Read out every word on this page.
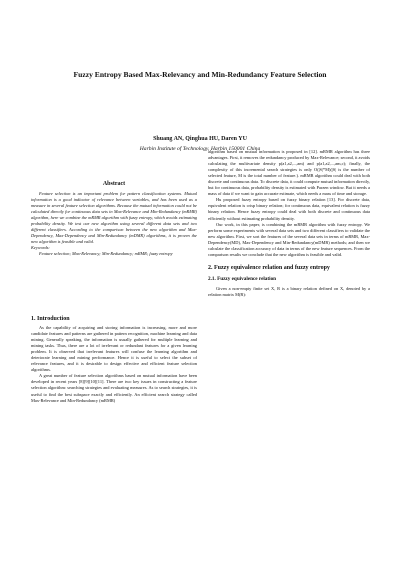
Fuzzy Entropy Based Max-Relevancy and Min-Redundancy Feature Selection
Shuang AN, Qinghua HU, Daren YU
Harbin Institute of Technology, Harbin 150001 China
Abstract

Feature selection is an important problem for pattern classification systems. Mutual information is a good indicator of relevance between variables, and has been used as a measure in several feature selection algorithms. Because the mutual information could not be calculated directly for continuous data sets in Max-Relevance and Min-Redundancy (mRMR) algorithm, here we combine the mRMR algorithm with fuzzy entropy, which avoids estimating probability density. We test our new algorithm using several different data sets and two different classifiers. According to the comparison between the new algorithm and Max-Dependency, Max-Dependency and Min-Redundancy (mDMR) algorithms, it is proven the new algorithm is feasible and valid.

Keywords:

Feature selection; Max-Relevancy; Min-Redundancy; mRMR; fuzzy entropy

1. Introduction

As the capability of acquiring and storing information is increasing, more and more candidate features and patterns are gathered in pattern recognition, machine learning and data mining. Generally speaking, the information is usually gathered for multiple learning and mining tasks. Thus, there are a lot of irrelevant or redundant features for a given learning problem. It is observed that irrelevant features will confuse the learning algorithm and deteriorate learning and mining performance. Hence it is useful to select the subset of relevance features, and it is desirable to design effective and efficient feature selection algorithms.

A great number of feature selection algorithms based on mutual information have been developed in recent years [8][9][10][11]. There are two key issues in constructing a feature selection algorithm: searching strategies and evaluating measures. As to search strategies, it is useful to find the best subspace exactly and efficiently. An efficient search strategy called Max-Relevance and Min-Redundancy (mRMR)

algorithm based on mutual information is proposed in [12]. mRMR algorithm has three advantages. First, it removes the redundancy produced by Max-Relevance; second, it avoids calculating the multivariate density p(a1,a2,...,am) and p(a1,a2,...,am,c); finally, the complexity of this incremental search strategies is only O(|S|*M)(|S| is the number of selected feature, M is the total number of feature.). mRMR algorithm could deal with both discrete and continuous data. To discrete data, it could compute mutual information directly, but for continuous data, probability density is estimated with Parzen window. But it needs a mass of data if we want to gain accurate estimate, which needs a mass of time and storage.

Hu proposed fuzzy entropy based on fuzzy binary relation [13]. For discrete data, equivalent relation is crisp binary relation; for continuous data, equivalent relation is fuzzy binary relation. Hence fuzzy entropy could deal with both discrete and continuous data efficiently without estimating probability density.

Our work, in this paper, is combining the mRMR algorithm with fuzzy entropy. We perform some experiments with several data sets and two different classifiers to validate the new algorithm. First, we sort the features of the several data sets in terms of mRMR, Max-Dependency(MD), Max-Dependency and Min-Redundancy(mDMR) methods; and then we calculate the classification accuracy of data in terms of the new feature sequences. From the comparison results we conclude that the new algorithm is feasible and valid.

2. Fuzzy equivalence relation and fuzzy entropy
2.1. Fuzzy equivalence relation

Given a non-empty finite set X, R is a binary relation defined on X, denoted by a relation matrix M(R):
